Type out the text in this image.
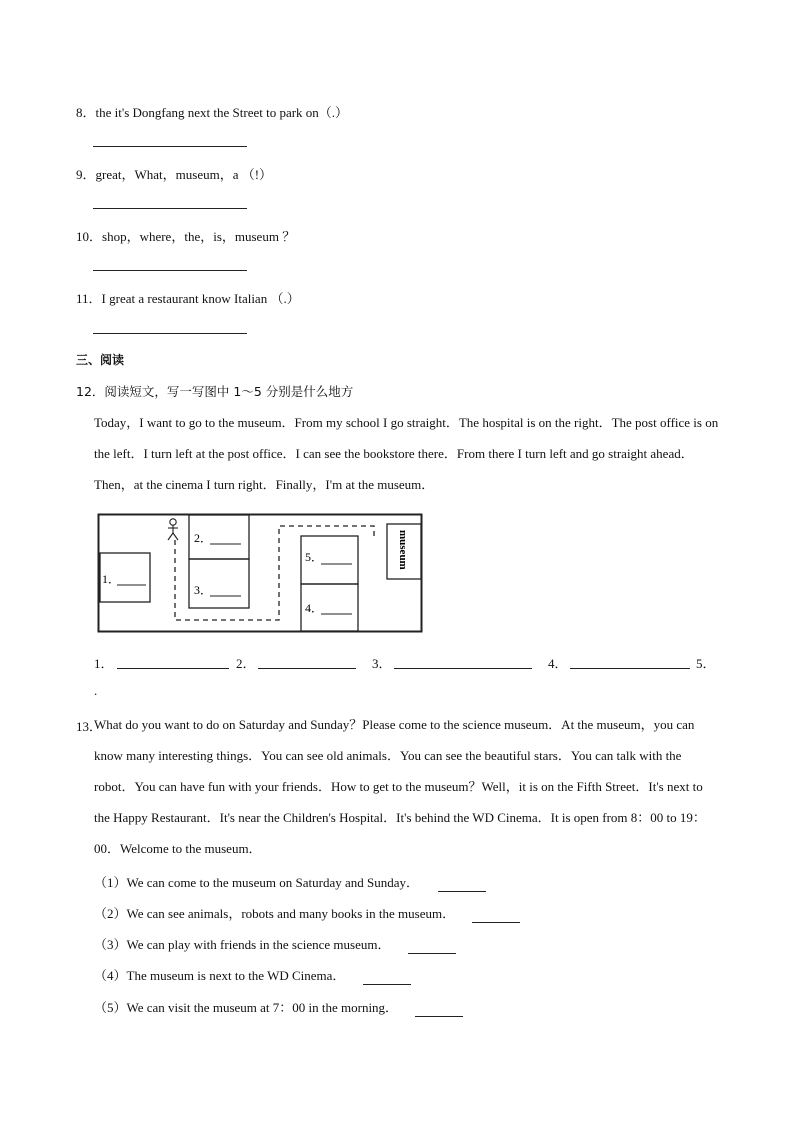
8．the it's Dongfang next the Street to park on（.）
9．great，What，museum，a （!）
10．shop，where，the，is，museum ？
11．I great a restaurant know Italian （.）
三、阅读
12．阅读短文，写一写图中 1～5 分别是什么地方
Today，I want to go to the museum．From my school I go straight．The hospital is on the right．The post office is on the left．I turn left at the post office．I can see the bookstore there．From there I turn left and go straight ahead．Then，at the cinema I turn right．Finally，I'm at the museum．
1．
2．
3．
5．
4．
museum
1．	2．	3．	4．	5．
.
13．
What do you want to do on Saturday and Sunday？Please come to the science museum．At the museum，you can know many interesting things．You can see old animals．You can see the beautiful stars．You can talk with the robot．You can have fun with your friends．How to get to the museum？Well，it is on the Fifth Street．It's next to the Happy Restaurant．It's near the Children's Hospital．It's behind the WD Cinema．It is open from 8：00 to 19：00．Welcome to the museum．
（1）We can come to the museum on Saturday and Sunday．
（2）We can see animals，robots and many books in the museum．
（3）We can play with friends in the science museum．
（4）The museum is next to the WD Cinema．
（5）We can visit the museum at 7：00 in the morning．
